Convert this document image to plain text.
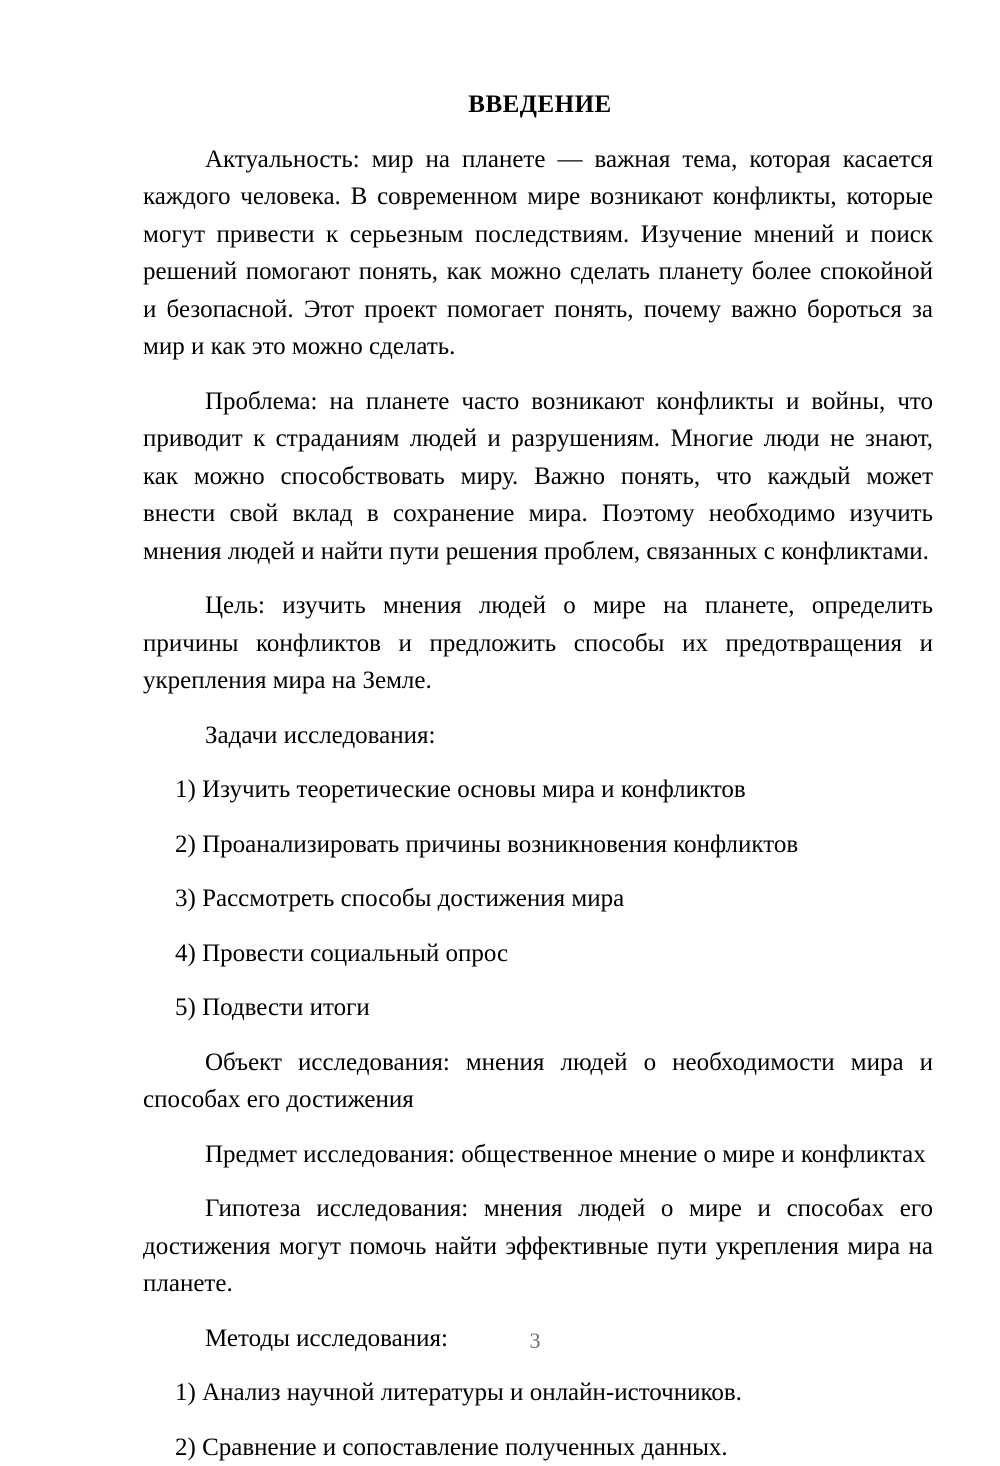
ВВЕДЕНИЕ

Актуальность: мир на планете — важная тема, которая касается каждого человека. В современном мире возникают конфликты, которые могут привести к серьезным последствиям. Изучение мнений и поиск решений помогают понять, как можно сделать планету более спокойной и безопасной. Этот проект помогает понять, почему важно бороться за мир и как это можно сделать.

Проблема: на планете часто возникают конфликты и войны, что приводит к страданиям людей и разрушениям. Многие люди не знают, как можно способствовать миру. Важно понять, что каждый может внести свой вклад в сохранение мира. Поэтому необходимо изучить мнения людей и найти пути решения проблем, связанных с конфликтами.

Цель: изучить мнения людей о мире на планете, определить причины конфликтов и предложить способы их предотвращения и укрепления мира на Земле.

Задачи исследования:

1) Изучить теоретические основы мира и конфликтов

2) Проанализировать причины возникновения конфликтов

3) Рассмотреть способы достижения мира

4) Провести социальный опрос

5) Подвести итоги

Объект исследования: мнения людей о необходимости мира и способах его достижения

Предмет исследования: общественное мнение о мире и конфликтах

Гипотеза исследования: мнения людей о мире и способах его достижения могут помочь найти эффективные пути укрепления мира на планете.

Методы исследования:

1) Анализ научной литературы и онлайн-источников.

2) Сравнение и сопоставление полученных данных.

3
